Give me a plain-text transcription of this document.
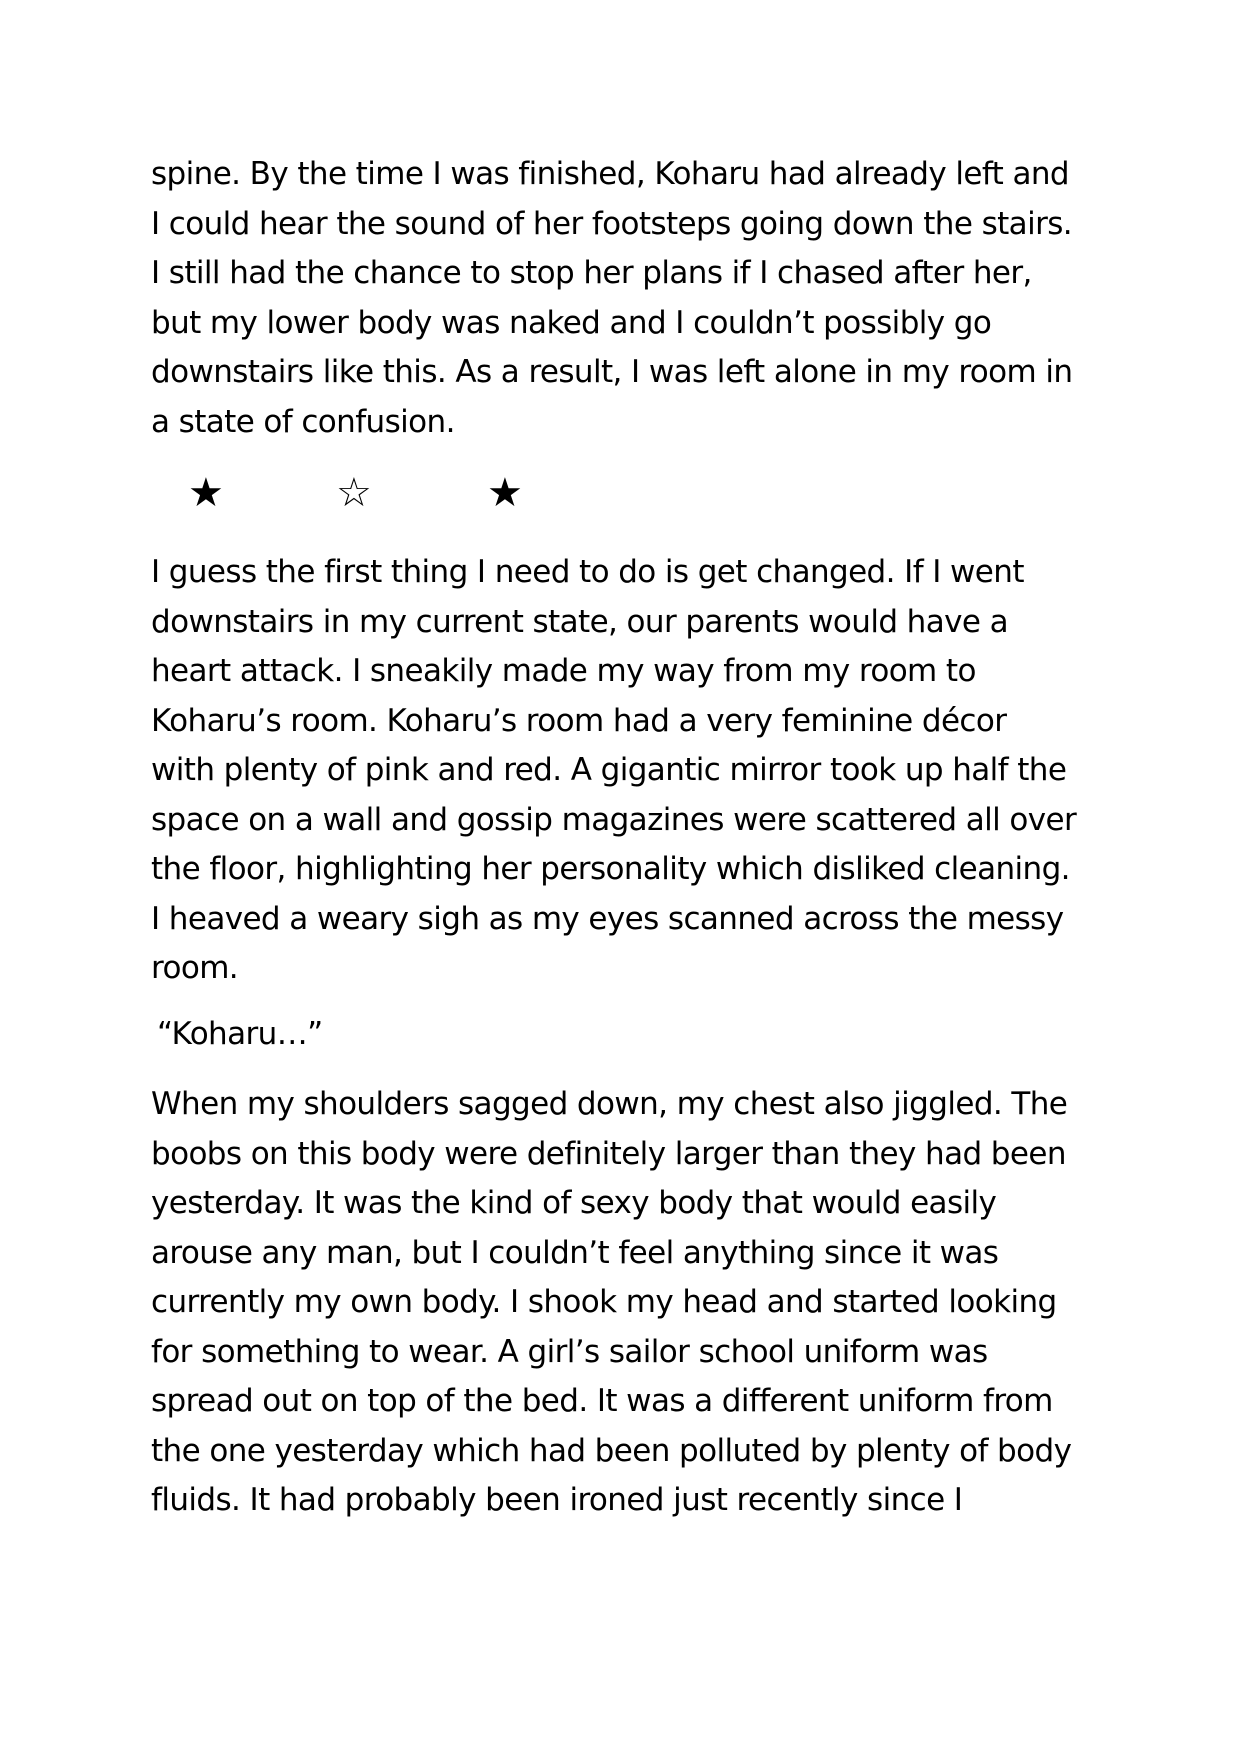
spine. By the time I was finished, Koharu had already left and
I could hear the sound of her footsteps going down the stairs.
I still had the chance to stop her plans if I chased after her,
but my lower body was naked and I couldn’t possibly go
downstairs like this. As a result, I was left alone in my room in
a state of confusion.
★	☆	★
I guess the first thing I need to do is get changed. If I went
downstairs in my current state, our parents would have a
heart attack. I sneakily made my way from my room to
Koharu’s room. Koharu’s room had a very feminine décor
with plenty of pink and red. A gigantic mirror took up half the
space on a wall and gossip magazines were scattered all over
the floor, highlighting her personality which disliked cleaning.
I heaved a weary sigh as my eyes scanned across the messy
room.
“Koharu…”
When my shoulders sagged down, my chest also jiggled. The
boobs on this body were definitely larger than they had been
yesterday. It was the kind of sexy body that would easily
arouse any man, but I couldn’t feel anything since it was
currently my own body. I shook my head and started looking
for something to wear. A girl’s sailor school uniform was
spread out on top of the bed. It was a different uniform from
the one yesterday which had been polluted by plenty of body
fluids. It had probably been ironed just recently since I
